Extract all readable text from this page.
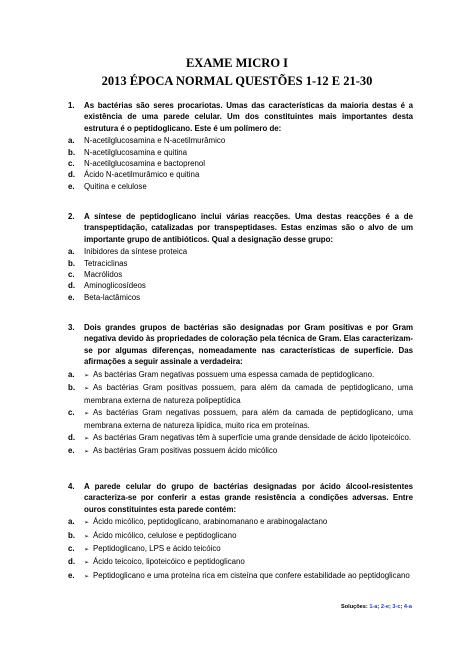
EXAME MICRO I
2013 ÉPOCA NORMAL QUESTÕES 1-12 E 21-30
1.	As bactérias são seres procariotas. Umas das características da maioria destas é a existência de uma parede celular. Um dos constituintes mais importantes desta estrutura é o peptidoglicano. Este é um polímero de:
a.	N-acetilglucosamina e N-acetilmurâmico
b.	N-acetilglucosamina e quitina
c.	N-acetilglucosamina e bactoprenol
d.	Ácido N-acetilmurâmico e quitina
e.	Quitina e celulose
2.	A síntese de peptidoglicano inclui várias reacções. Uma destas reacções é a de transpeptidação, catalizadas por transpeptidases. Estas enzimas são o alvo de um importante grupo de antibióticos. Qual a designação desse grupo:
a.	Inibidores da síntese proteica
b.	Tetraciclinas
c.	Macrólidos
d.	Aminoglicosídeos
e.	Beta-lactâmicos
3.	Dois grandes grupos de bactérias são designadas por Gram positivas e por Gram negativa devido às propriedades de coloração pela técnica de Gram. Elas caracterizam-se por algumas diferenças, nomeadamente nas características de superfície. Das afirmações a seguir assinale a verdadeira:
a.	➢ As bactérias Gram negativas possuem uma espessa camada de peptidoglicano.
b.	➢ As bactérias Gram positivas possuem, para além da camada de peptidoglicano, uma membrana externa de natureza polipeptídica
c.	➢ As bactérias Gram negativas possuem, para além da camada de peptidoglicano, uma membrana externa de natureza lipídica, muito rica em proteínas.
d.	➢ As bactérias Gram negativas têm à superfície uma grande densidade de ácido lipoteicóico.
e.	➢ As bactérias Gram positivas possuem ácido micólico
4.	A parede celular do grupo de bactérias designadas por ácido álcool-resistentes caracteriza-se por conferir a estas grande resistência a condições adversas. Entre ouros constituintes esta parede contém:
a.	➢ Ácido micólico, peptidoglicano, arabinomanano e arabinogalactano
b.	➢ Ácido micólico, celulose e peptidoglicano
c.	➢ Peptidoglicano, LPS e ácido teicóico
d.	➢ Ácido teicoico, lipoteicóico e peptidoglicano
e.	➢ Peptidoglicano e uma proteína rica em cisteína que confere estabilidade ao peptidoglicano
Soluções: 1-a; 2-e; 3-c; 4-a
